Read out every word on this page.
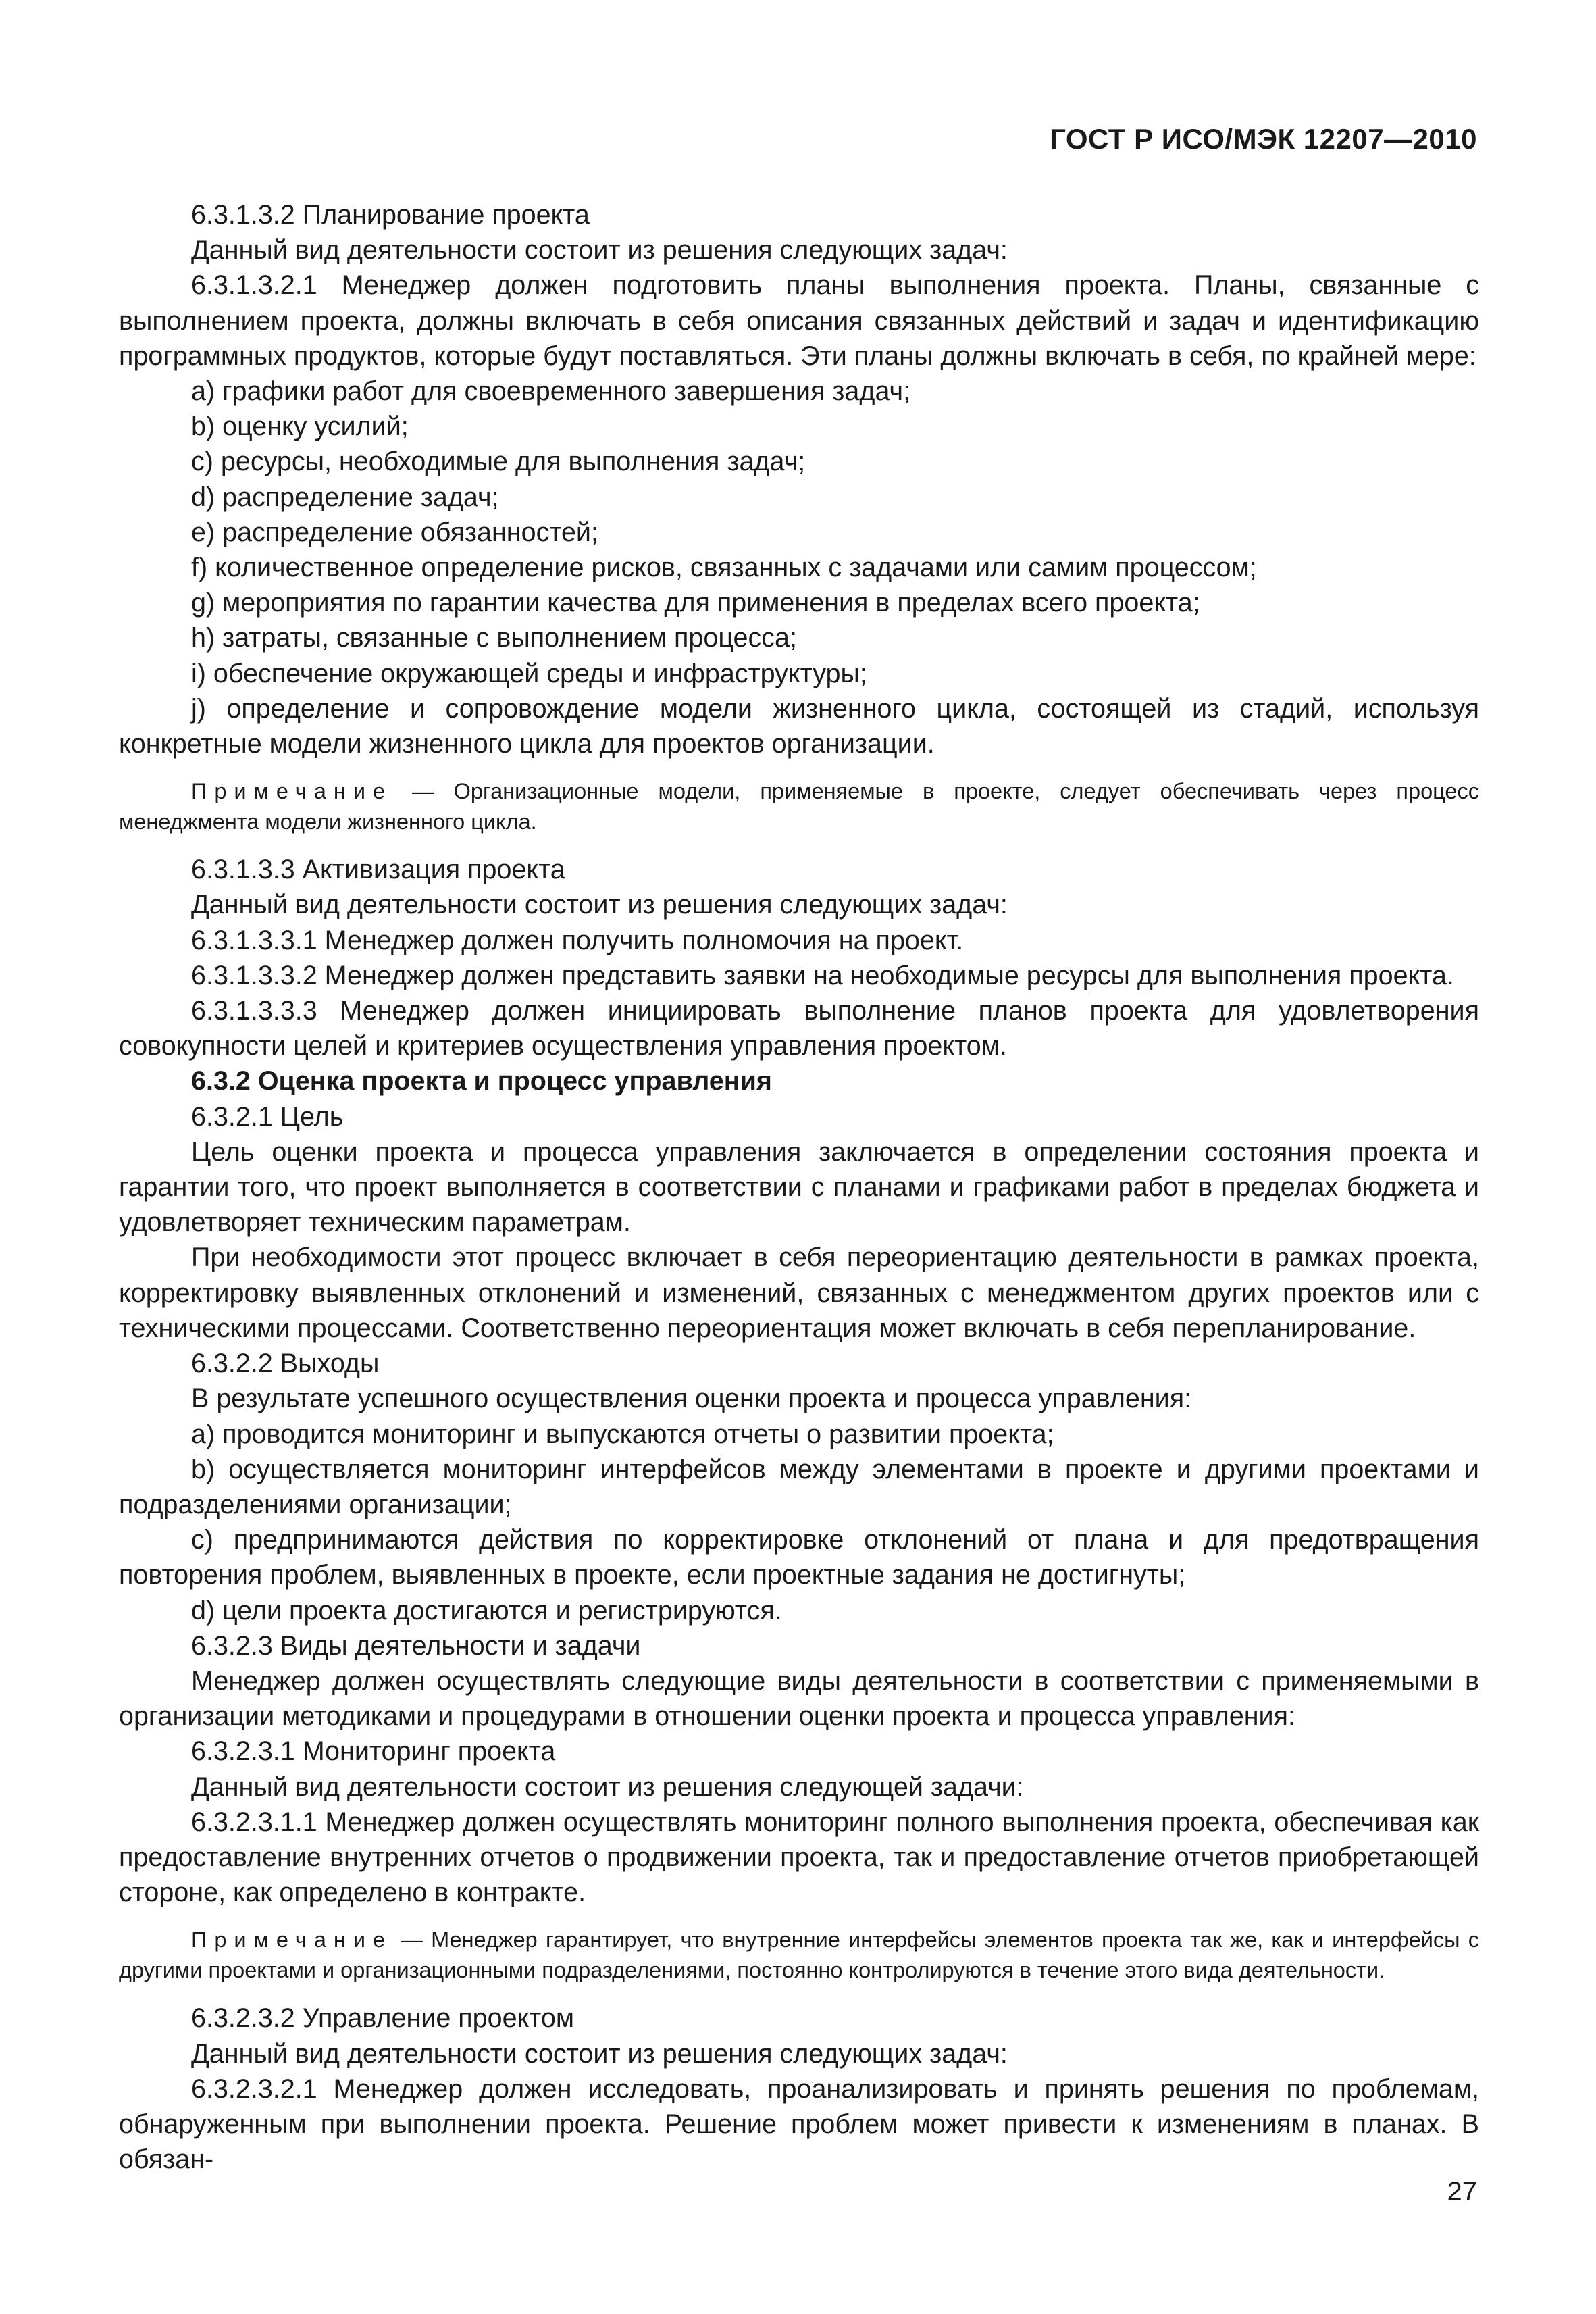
ГОСТ Р ИСО/МЭК 12207—2010

6.3.1.3.2 Планирование проекта

Данный вид деятельности состоит из решения следующих задач:

6.3.1.3.2.1 Менеджер должен подготовить планы выполнения проекта. Планы, связанные с выполнением проекта, должны включать в себя описания связанных действий и задач и идентификацию программных продуктов, которые будут поставляться. Эти планы должны включать в себя, по крайней мере:

a) графики работ для своевременного завершения задач;

b) оценку усилий;

c) ресурсы, необходимые для выполнения задач;

d) распределение задач;

e) распределение обязанностей;

f) количественное определение рисков, связанных с задачами или самим процессом;

g) мероприятия по гарантии качества для применения в пределах всего проекта;

h) затраты, связанные с выполнением процесса;

i) обеспечение окружающей среды и инфраструктуры;

j) определение и сопровождение модели жизненного цикла, состоящей из стадий, используя конкретные модели жизненного цикла для проектов организации.

Примечание — Организационные модели, применяемые в проекте, следует обеспечивать через процесс менеджмента модели жизненного цикла.

6.3.1.3.3 Активизация проекта

Данный вид деятельности состоит из решения следующих задач:

6.3.1.3.3.1 Менеджер должен получить полномочия на проект.

6.3.1.3.3.2 Менеджер должен представить заявки на необходимые ресурсы для выполнения проекта.

6.3.1.3.3.3 Менеджер должен инициировать выполнение планов проекта для удовлетворения совокупности целей и критериев осуществления управления проектом.

6.3.2 Оценка проекта и процесс управления

6.3.2.1 Цель

Цель оценки проекта и процесса управления заключается в определении состояния проекта и гарантии того, что проект выполняется в соответствии с планами и графиками работ в пределах бюджета и удовлетворяет техническим параметрам.

При необходимости этот процесс включает в себя переориентацию деятельности в рамках проекта, корректировку выявленных отклонений и изменений, связанных с менеджментом других проектов или с техническими процессами. Соответственно переориентация может включать в себя перепланирование.

6.3.2.2 Выходы

В результате успешного осуществления оценки проекта и процесса управления:

a) проводится мониторинг и выпускаются отчеты о развитии проекта;

b) осуществляется мониторинг интерфейсов между элементами в проекте и другими проектами и подразделениями организации;

c) предпринимаются действия по корректировке отклонений от плана и для предотвращения повторения проблем, выявленных в проекте, если проектные задания не достигнуты;

d) цели проекта достигаются и регистрируются.

6.3.2.3 Виды деятельности и задачи

Менеджер должен осуществлять следующие виды деятельности в соответствии с применяемыми в организации методиками и процедурами в отношении оценки проекта и процесса управления:

6.3.2.3.1 Мониторинг проекта

Данный вид деятельности состоит из решения следующей задачи:

6.3.2.3.1.1 Менеджер должен осуществлять мониторинг полного выполнения проекта, обеспечивая как предоставление внутренних отчетов о продвижении проекта, так и предоставление отчетов приобретающей стороне, как определено в контракте.

Примечание — Менеджер гарантирует, что внутренние интерфейсы элементов проекта так же, как и интерфейсы с другими проектами и организационными подразделениями, постоянно контролируются в течение этого вида деятельности.

6.3.2.3.2 Управление проектом

Данный вид деятельности состоит из решения следующих задач:

6.3.2.3.2.1 Менеджер должен исследовать, проанализировать и принять решения по проблемам, обнаруженным при выполнении проекта. Решение проблем может привести к изменениям в планах. В обязан-

27
